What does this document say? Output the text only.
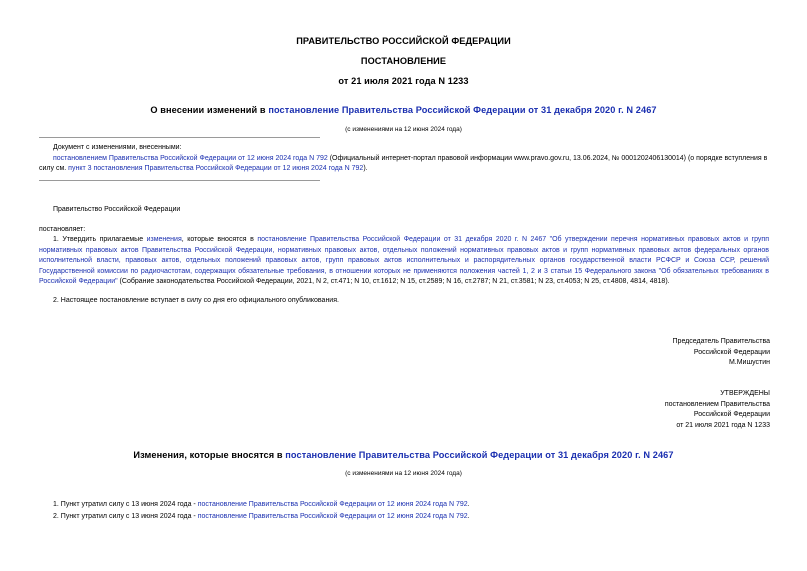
ПРАВИТЕЛЬСТВО РОССИЙСКОЙ ФЕДЕРАЦИИ
ПОСТАНОВЛЕНИЕ
от 21 июля 2021 года N 1233
О внесении изменений в постановление Правительства Российской Федерации от 31 декабря 2020 г. N 2467
(с изменениями на 12 июня 2024 года)

Документ с изменениями, внесенными:

постановлением Правительства Российской Федерации от 12 июня 2024 года N 792 (Официальный интернет-портал правовой информации www.pravo.gov.ru, 13.06.2024, № 0001202406130014) (о порядке вступления в силу см. пункт 3 постановления Правительства Российской Федерации от 12 июня 2024 года N 792).

Правительство Российской Федерации
постановляет:

1. Утвердить прилагаемые изменения, которые вносятся в постановление Правительства Российской Федерации от 31 декабря 2020 г. N 2467 "Об утверждении перечня нормативных правовых актов и групп нормативных правовых актов Правительства Российской Федерации, нормативных правовых актов, отдельных положений нормативных правовых актов и групп нормативных правовых актов федеральных органов исполнительной власти, правовых актов, отдельных положений правовых актов, групп правовых актов исполнительных и распорядительных органов государственной власти РСФСР и Союза ССР, решений Государственной комиссии по радиочастотам, содержащих обязательные требования, в отношении которых не применяются положения частей 1, 2 и 3 статьи 15 Федерального закона "Об обязательных требованиях в Российской Федерации" (Собрание законодательства Российской Федерации, 2021, N 2, ст.471; N 10, ст.1612; N 15, ст.2589; N 16, ст.2787; N 21, ст.3581; N 23, ст.4053; N 25, ст.4808, 4814, 4818).

2. Настоящее постановление вступает в силу со дня его официального опубликования.

Председатель Правительства
Российской Федерации
М.Мишустин
УТВЕРЖДЕНЫ
постановлением Правительства
Российской Федерации
от 21 июля 2021 года N 1233
Изменения, которые вносятся в постановление Правительства Российской Федерации от 31 декабря 2020 г. N 2467
(с изменениями на 12 июня 2024 года)
1. Пункт утратил силу с 13 июня 2024 года - постановление Правительства Российской Федерации от 12 июня 2024 года N 792.
2. Пункт утратил силу с 13 июня 2024 года - постановление Правительства Российской Федерации от 12 июня 2024 года N 792.
